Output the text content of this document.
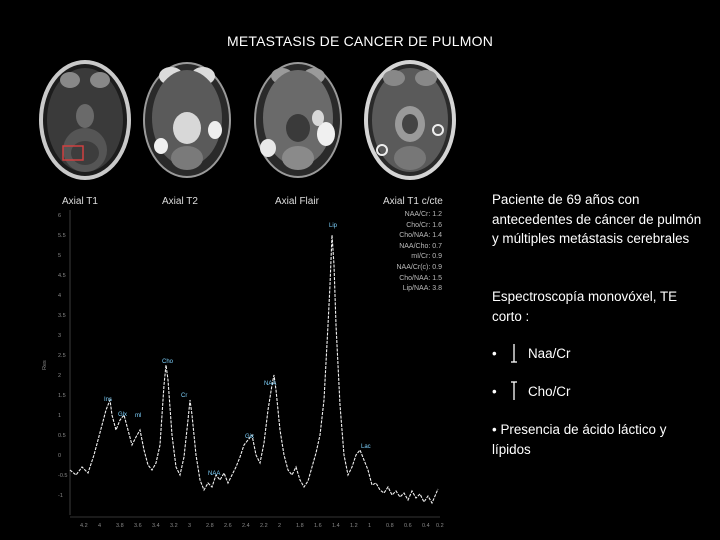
METASTASIS DE CANCER DE PULMON
Axial T1	Axial T2	Axial Flair	Axial T1 c/cte
6
5.5
5
4.5
4
3.5
3
2.5
2
1.5
1
0.5
0
-0.5
-1
Res
4.2 4	3.8 3.6 3.4 3.2 3	2.8 2.6 2.4 2.2 2	1.8 1.6 1.4 1.2 1	0.8 0.6 0.4 0.2
Lip
Cho
Cr
NAA
Lac
Ins
Glx ml
Gix
NAA
NAA/Cr: 1.2
Cho/Cr: 1.6
Cho/NAA: 1.4
NAA/Cho: 0.7
mI/Cr: 0.9
NAA/Cr(c): 0.9
Cho/NAA: 1.5
Lip/NAA: 3.8
Paciente de 69 años con antecedentes de cáncer de pulmón y múltiples metástasis cerebrales
Espectroscopía monovóxel, TE corto :
•	Naa/Cr
•	Cho/Cr
• Presencia de ácido láctico y lípidos
